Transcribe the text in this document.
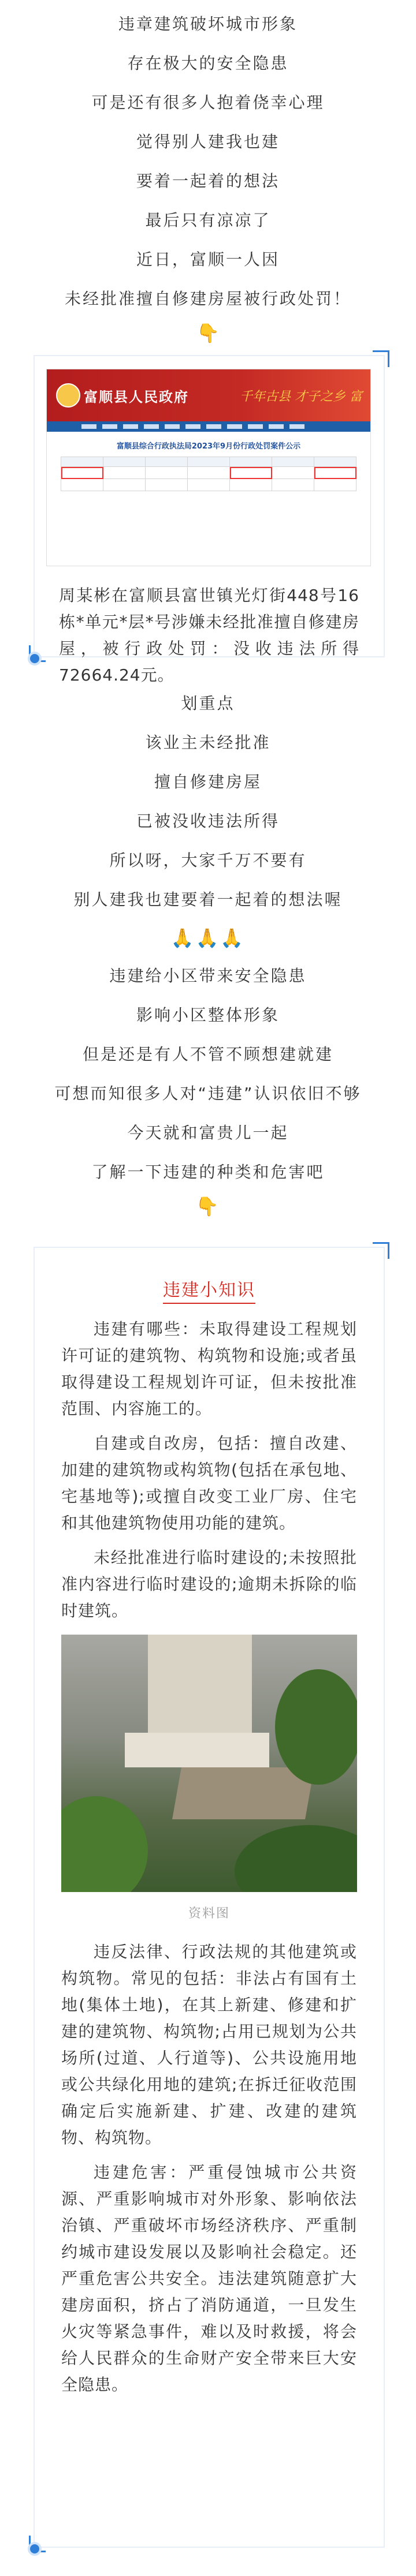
违章建筑破坏城市形象

存在极大的安全隐患

可是还有很多人抱着侥幸心理

觉得别人建我也建

要着一起着的想法

最后只有凉凉了

近日，富顺一人因

未经批准擅自修建房屋被行政处罚！

👇
富顺县人民政府	千年古县 才子之乡 富
富顺县综合行政执法局2023年9月份行政处罚案件公示

周某彬在富顺县富世镇光灯街448号16栋*单元*层*号涉嫌未经批准擅自修建房屋，被行政处罚：没收违法所得72664.24元。

划重点

该业主未经批准

擅自修建房屋

已被没收违法所得

所以呀，大家千万不要有

别人建我也建要着一起着的想法喔

🙏🙏🙏

违建给小区带来安全隐患

影响小区整体形象

但是还是有人不管不顾想建就建

可想而知很多人对“违建”认识依旧不够

今天就和富贵儿一起

了解一下违建的种类和危害吧

👇
违建小知识
违建有哪些：未取得建设工程规划许可证的建筑物、构筑物和设施;或者虽取得建设工程规划许可证，但未按批准范围、内容施工的。
自建或自改房，包括：擅自改建、加建的建筑物或构筑物(包括在承包地、宅基地等);或擅自改变工业厂房、住宅和其他建筑物使用功能的建筑。
未经批准进行临时建设的;未按照批准内容进行临时建设的;逾期未拆除的临时建筑。
资料图
违反法律、行政法规的其他建筑或构筑物。常见的包括：非法占有国有土地(集体土地)，在其上新建、修建和扩建的建筑物、构筑物;占用已规划为公共场所(过道、人行道等)、公共设施用地或公共绿化用地的建筑;在拆迁征收范围确定后实施新建、扩建、改建的建筑物、构筑物。
违建危害：严重侵蚀城市公共资源、严重影响城市对外形象、影响依法治镇、严重破坏市场经济秩序、严重制约城市建设发展以及影响社会稳定。还严重危害公共安全。违法建筑随意扩大建房面积，挤占了消防通道，一旦发生火灾等紧急事件，难以及时救援，将会给人民群众的生命财产安全带来巨大安全隐患。
